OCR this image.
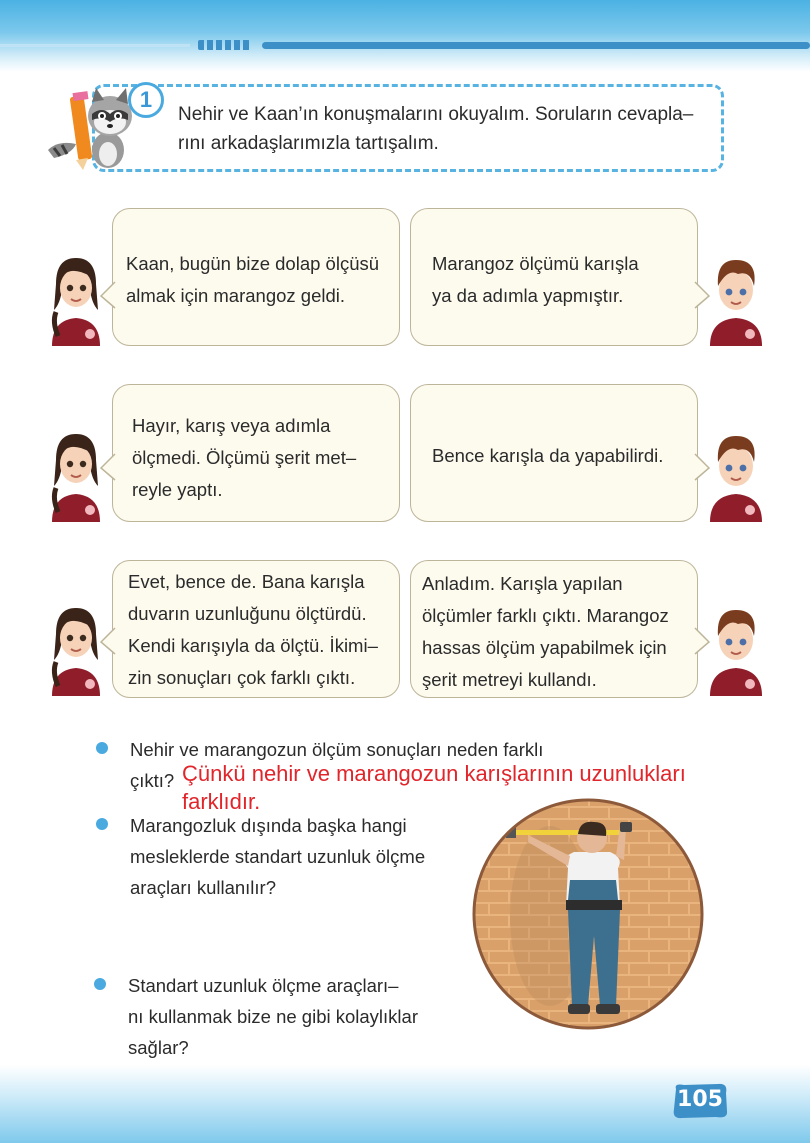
1
Nehir ve Kaan’ın konuşmalarını okuyalım. Soruların cevapla–
rını arkadaşlarımızla tartışalım.
Kaan, bugün bize dolap ölçüsü
almak için marangoz geldi.
Marangoz ölçümü karışla
ya da adımla yapmıştır.
Hayır, karış veya adımla
ölçmedi. Ölçümü şerit met–
reyle yaptı.
Bence karışla da yapabilirdi.
Evet, bence de. Bana karışla
duvarın uzunluğunu ölçtürdü.
Kendi karışıyla da ölçtü. İkimi–
zin sonuçları çok farklı çıktı.
Anladım. Karışla yapılan
ölçümler farklı çıktı. Marangoz
hassas ölçüm yapabilmek için
şerit metreyi kullandı.
Nehir ve marangozun ölçüm sonuçları neden farklı
çıktı? Çünkü nehir ve marangozun karışlarının uzunlukları
farklıdır.
Marangozluk dışında başka hangi
mesleklerde standart uzunluk ölçme
araçları kullanılır?
Standart uzunluk ölçme araçları–
nı kullanmak bize ne gibi kolaylıklar
sağlar?
105
